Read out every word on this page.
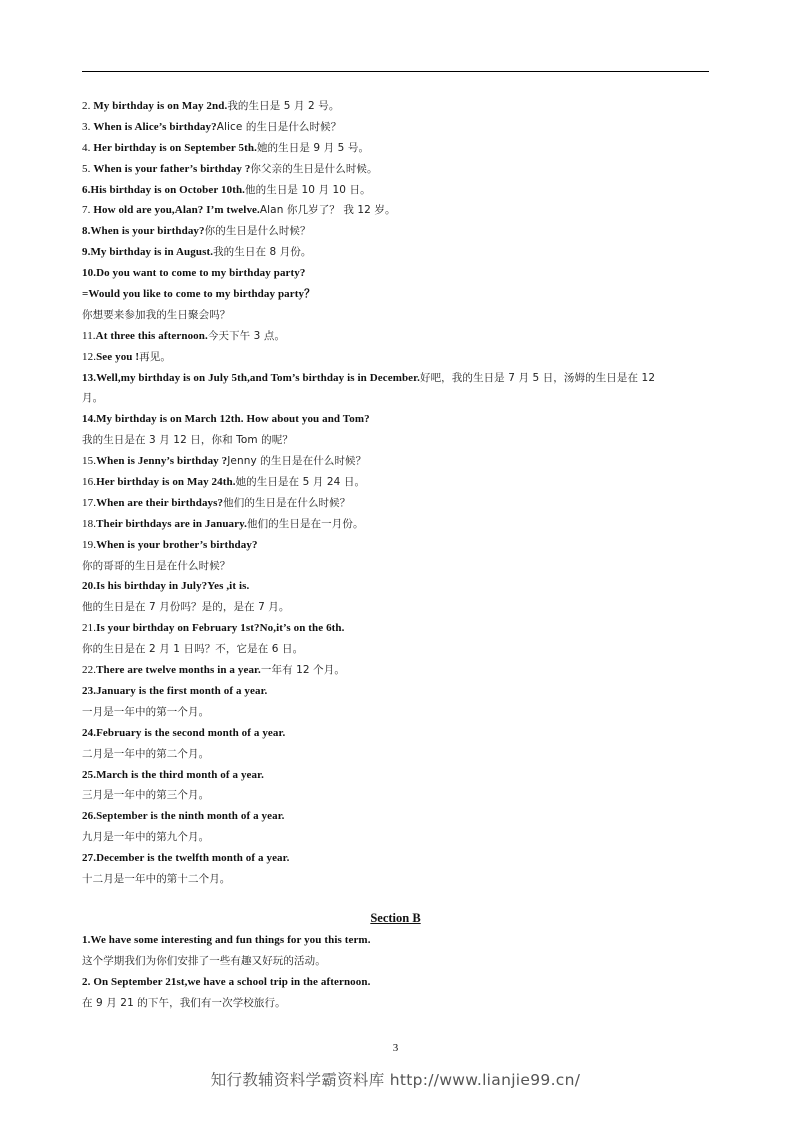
2. My birthday is on May 2nd.我的生日是 5 月 2 号。
3. When is Alice’s birthday?Alice 的生日是什么时候？
4. Her birthday is on September 5th.她的生日是 9 月 5 号。
5. When is your father’s birthday ?你父亲的生日是什么时候。
6.His birthday is on October 10th.他的生日是 10 月 10 日。
7. How old are you,Alan? I’m twelve.Alan 你几岁了？ 我 12 岁。
8.When is your birthday?你的生日是什么时候？
9.My birthday is in August.我的生日在 8 月份。
10.Do you want to come to my birthday party?
=Would you like to come to my birthday party？
你想要来参加我的生日聚会吗？
11.At three this afternoon.今天下午 3 点。
12.See you !再见。
13.Well,my birthday is on July 5th,and Tom’s birthday is in December.好吧，我的生日是 7 月 5 日，汤姆的生日是在 12
月。
14.My birthday is on March 12th. How about you and Tom?
我的生日是在 3 月 12 日，你和 Tom 的呢？
15.When is Jenny’s birthday ?Jenny 的生日是在什么时候？
16.Her birthday is on May 24th.她的生日是在 5 月 24 日。
17.When are their birthdays?他们的生日是在什么时候？
18.Their birthdays are in January.他们的生日是在一月份。
19.When is your brother’s birthday?
你的哥哥的生日是在什么时候？
20.Is his birthday in July?Yes ,it is.
他的生日是在 7 月份吗？是的，是在 7 月。
21.Is your birthday on February 1st?No,it’s on the 6th.
你的生日是在 2 月 1 日吗？不，它是在 6 日。
22.There are twelve months in a year.一年有 12 个月。
23.January is the first month of a year.
一月是一年中的第一个月。
24.February is the second month of a year.
二月是一年中的第二个月。
25.March is the third month of a year.
三月是一年中的第三个月。
26.September is the ninth month of a year.
九月是一年中的第九个月。
27.December is the twelfth month of a year.
十二月是一年中的第十二个月。
Section B
1.We have some interesting and fun things for you this term.
这个学期我们为你们安排了一些有趣又好玩的活动。
2. On September 21st,we have a school trip in the afternoon.
在 9 月 21 的下午，我们有一次学校旅行。
3
知行教辅资料学霸资料库 http://www.lianjie99.cn/
